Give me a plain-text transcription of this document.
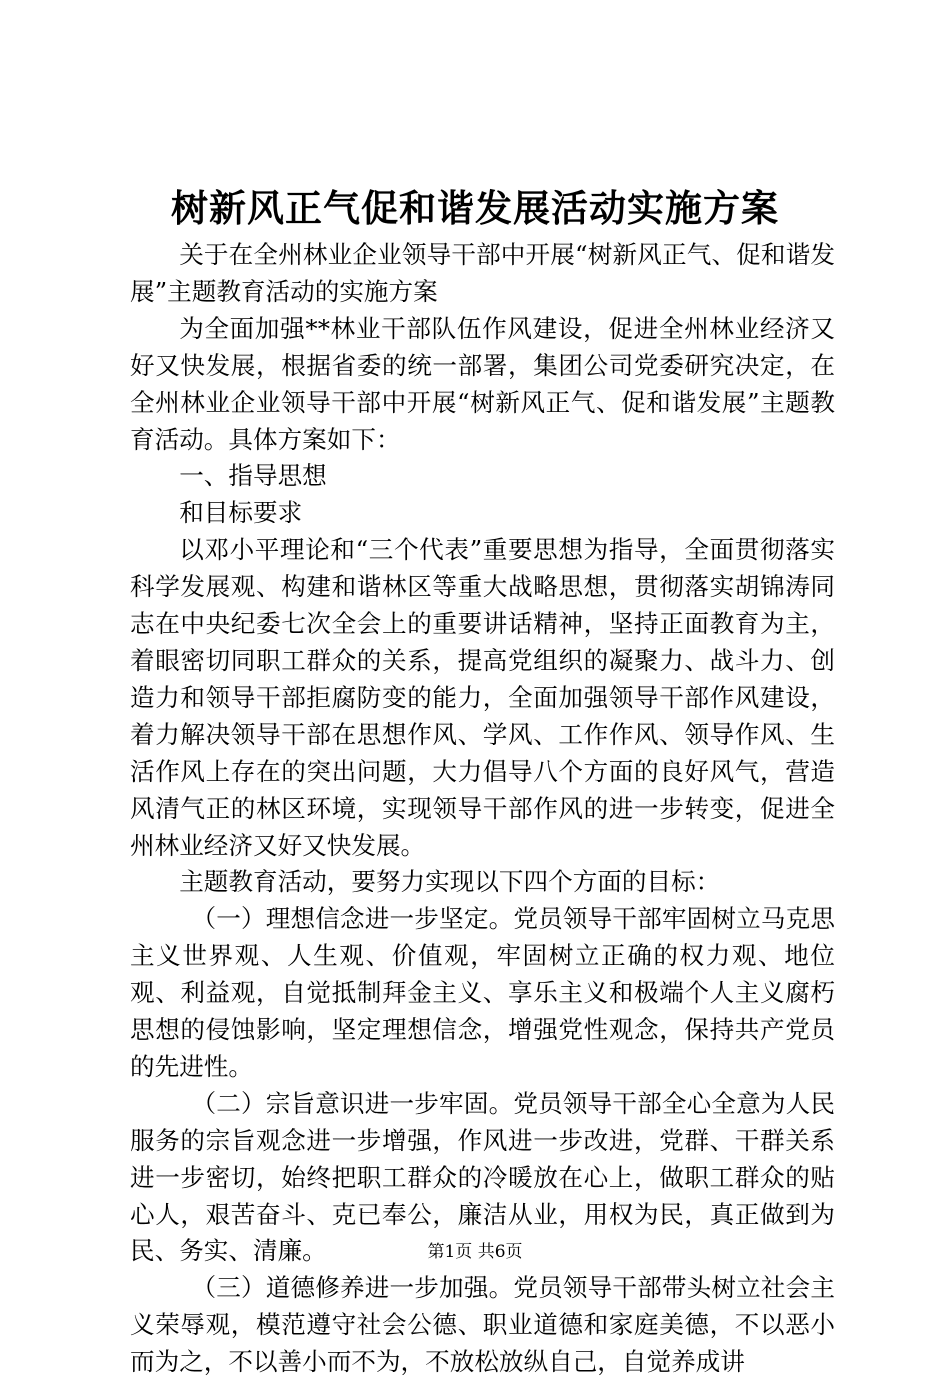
树新风正气促和谐发展活动实施方案

关于在全州林业企业领导干部中开展“树新风正气、促和谐发展”主题教育活动的实施方案

为全面加强**林业干部队伍作风建设，促进全州林业经济又好又快发展，根据省委的统一部署，集团公司党委研究决定，在全州林业企业领导干部中开展“树新风正气、促和谐发展”主题教育活动。具体方案如下：

一、指导思想

和目标要求

以邓小平理论和“三个代表”重要思想为指导，全面贯彻落实科学发展观、构建和谐林区等重大战略思想，贯彻落实胡锦涛同志在中央纪委七次全会上的重要讲话精神，坚持正面教育为主，着眼密切同职工群众的关系，提高党组织的凝聚力、战斗力、创造力和领导干部拒腐防变的能力，全面加强领导干部作风建设，着力解决领导干部在思想作风、学风、工作作风、领导作风、生活作风上存在的突出问题，大力倡导八个方面的良好风气，营造风清气正的林区环境，实现领导干部作风的进一步转变，促进全州林业经济又好又快发展。

主题教育活动，要努力实现以下四个方面的目标：

（一）理想信念进一步坚定。党员领导干部牢固树立马克思主义世界观、人生观、价值观，牢固树立正确的权力观、地位观、利益观，自觉抵制拜金主义、享乐主义和极端个人主义腐朽思想的侵蚀影响，坚定理想信念，增强党性观念，保持共产党员的先进性。

（二）宗旨意识进一步牢固。党员领导干部全心全意为人民服务的宗旨观念进一步增强，作风进一步改进，党群、干群关系进一步密切，始终把职工群众的冷暖放在心上，做职工群众的贴心人，艰苦奋斗、克已奉公，廉洁从业，用权为民，真正做到为民、务实、清廉。

（三）道德修养进一步加强。党员领导干部带头树立社会主义荣辱观，模范遵守社会公德、职业道德和家庭美德，不以恶小而为之，不以善小而不为，不放松放纵自己，自觉养成讲

第1页 共6页
